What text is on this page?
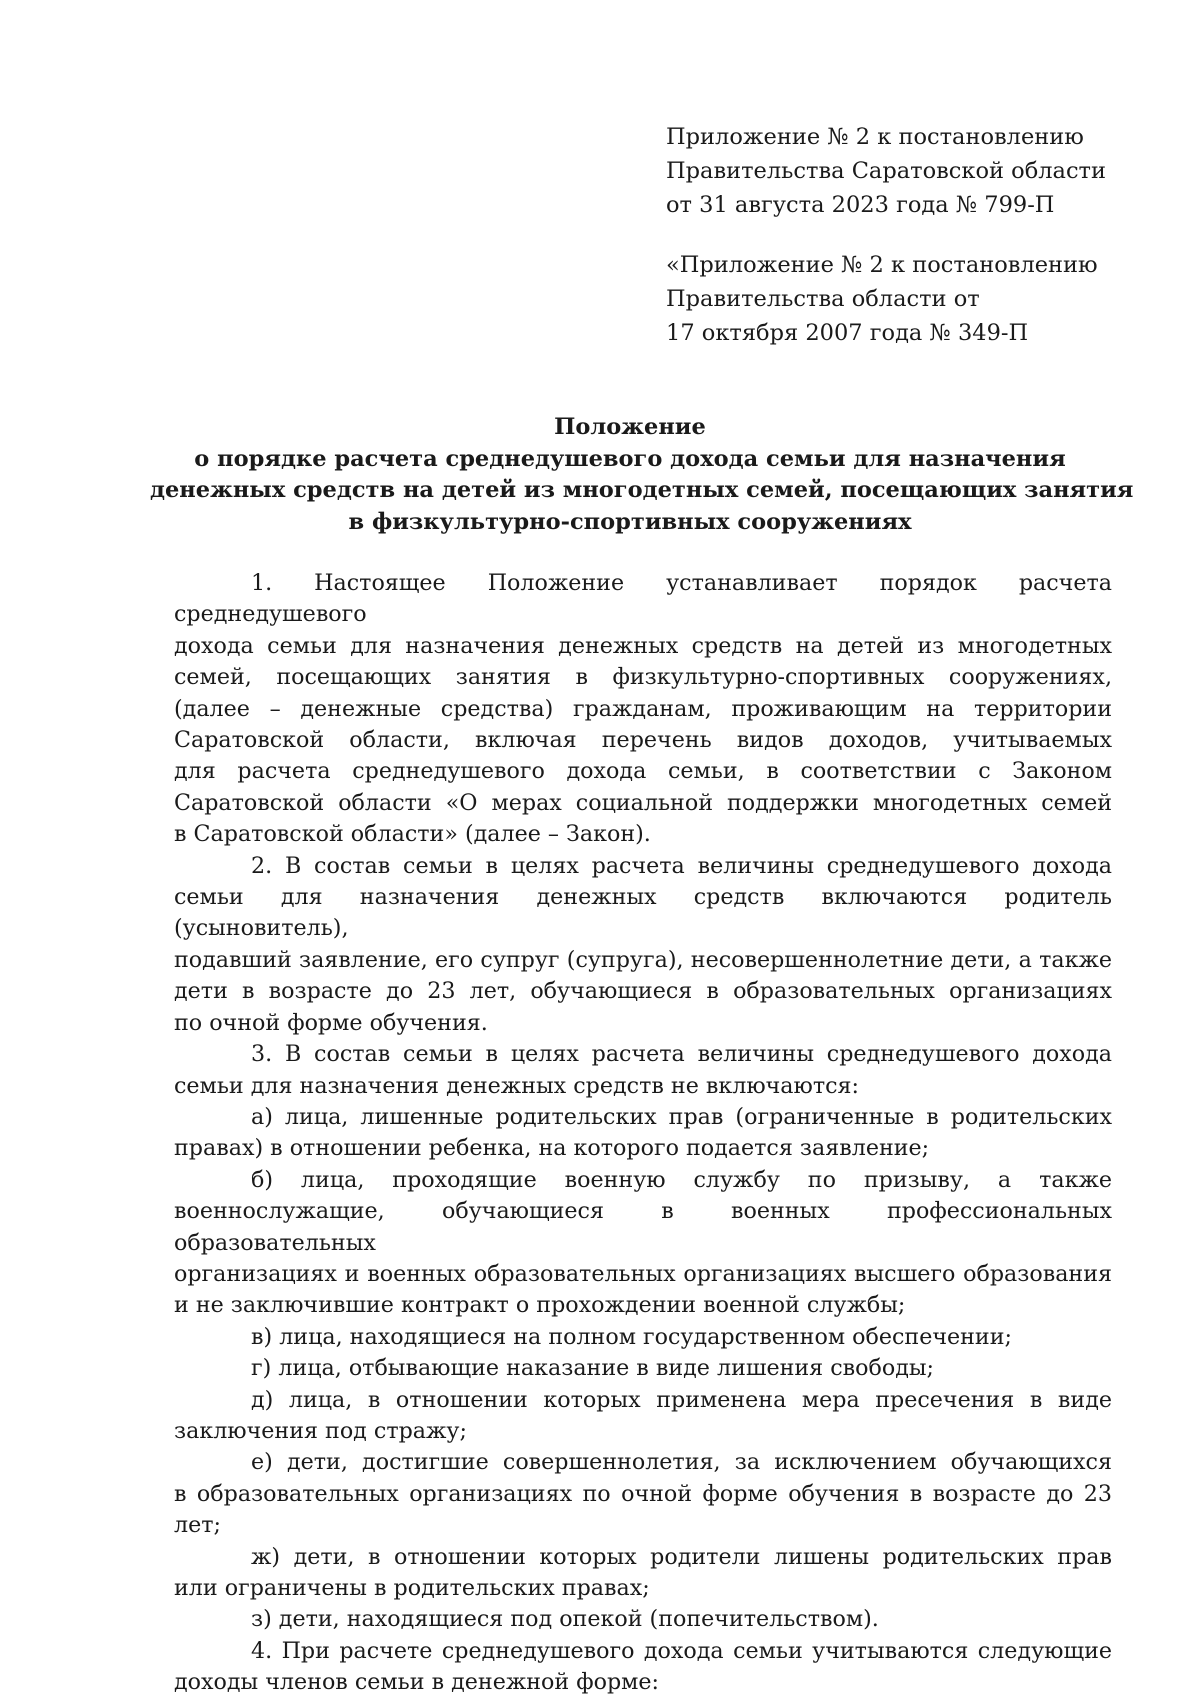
Приложение № 2 к постановлению
Правительства Саратовской области
от 31 августа 2023 года № 799-П
«Приложение № 2 к постановлению
Правительства области от
17 октября 2007 года № 349-П
Положение
о порядке расчета среднедушевого дохода семьи для назначения
денежных средств на детей из многодетных семей, посещающих занятия
в физкультурно-спортивных сооружениях

1. Настоящее Положение устанавливает порядок расчета среднедушевого
дохода семьи для назначения денежных средств на детей из многодетных
семей, посещающих занятия в физкультурно-спортивных сооружениях,
(далее – денежные средства) гражданам, проживающим на территории
Саратовской области, включая перечень видов доходов, учитываемых
для расчета среднедушевого дохода семьи, в соответствии с Законом
Саратовской области «О мерах социальной поддержки многодетных семей
в Саратовской области» (далее – Закон).

2. В состав семьи в целях расчета величины среднедушевого дохода
семьи для назначения денежных средств включаются родитель (усыновитель),
подавший заявление, его супруг (супруга), несовершеннолетние дети, а также
дети в возрасте до 23 лет, обучающиеся в образовательных организациях
по очной форме обучения.

3. В состав семьи в целях расчета величины среднедушевого дохода
семьи для назначения денежных средств не включаются:

а) лица, лишенные родительских прав (ограниченные в родительских
правах) в отношении ребенка, на которого подается заявление;

б) лица, проходящие военную службу по призыву, а также
военнослужащие, обучающиеся в военных профессиональных образовательных
организациях и военных образовательных организациях высшего образования
и не заключившие контракт о прохождении военной службы;

в) лица, находящиеся на полном государственном обеспечении;

г) лица, отбывающие наказание в виде лишения свободы;

д) лица, в отношении которых применена мера пресечения в виде
заключения под стражу;

е) дети, достигшие совершеннолетия, за исключением обучающихся
в образовательных организациях по очной форме обучения в возрасте до 23 лет;

ж) дети, в отношении которых родители лишены родительских прав
или ограничены в родительских правах;

з) дети, находящиеся под опекой (попечительством).

4. При расчете среднедушевого дохода семьи учитываются следующие
доходы членов семьи в денежной форме:
